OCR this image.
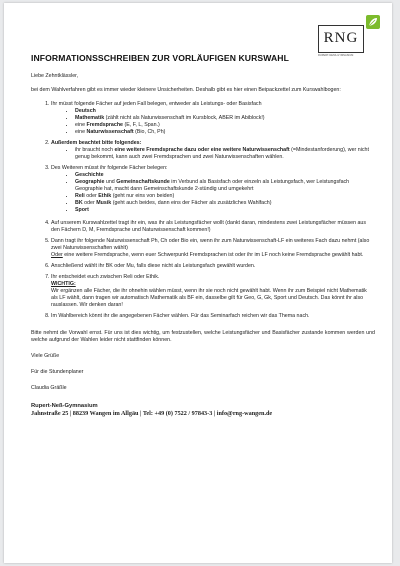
RNG
RUPERT-NESS-GYMNASIUM
INFORMATIONSSCHREIBEN ZUR VORLÄUFIGEN KURSWAHL

Liebe Zehntklässler,

bei dem Wahlverfahren gibt es immer wieder kleinere Unsicherheiten. Deshalb gibt es hier einen Beipackzettel zum Kurswahlbogen:

1. Ihr müsst folgende Fächer auf jeden Fall belegen, entweder als Leistungs- oder Basisfach
• Deutsch
• Mathematik (zählt nicht als Naturwissenschaft im Kursblock, ABER im Abiblock!)
• eine Fremdsprache (E, F, L, Span.)
• eine Naturwissenschaft (Bio, Ch, Ph)
2. Außerdem beachtet bitte folgendes:
• ihr braucht noch eine weitere Fremdsprache dazu oder eine weitere Naturwissenschaft (=Mindestanforderung), wer nicht genug bekommt, kann auch zwei Fremdsprachen und zwei Naturwissenschaften wählen.
3. Des Weiteren müsst ihr folgende Fächer belegen:
• Geschichte
• Geographie und Gemeinschaftskunde im Verbund als Basisfach oder einzeln als Leistungsfach, wer Leistungsfach Geographie hat, macht dann Gemeinschaftskunde 2-stündig und umgekehrt
• Reli oder Ethik (geht nur eins von beiden)
• BK oder Musik (geht auch beides, dann eins der Fächer als zusätzliches Wahlfach)
• Sport
4. Auf unserem Kurswahlzettel tragt ihr ein, was ihr als Leistungsfächer wollt (dankt daran, mindestens zwei Leistungsfächer müssen aus den Fächern D, M, Fremdsprache und Naturwissenschaft kommen!)
5. Dann tragt ihr folgende Naturwissenschaft Ph, Ch oder Bio ein, wenn ihr zum Naturwissenschaft-LF ein weiteres Fach dazu nehmt (also zwei Naturwissenschaften wählt)
Oder eine weitere Fremdsprache, wenn euer Schwerpunkt Fremdsprachen ist oder ihr im LF noch keine Fremdsprache gewählt habt.
6. Anschließend wählt ihr BK oder Mu, falls diese nicht als Leistungsfach gewählt wurden.
7. Ihr entscheidet euch zwischen Reli oder Ethik.
WICHTIG:
Wir ergänzen alle Fächer, die ihr ohnehin wählen müsst, wenn ihr sie noch nicht gewählt habt. Wenn ihr zum Beispiel nicht Mathematik als LF wählt, dann tragen wir automatisch Mathematik als BF ein, dasselbe gilt für Geo, G, Gk, Sport und Deutsch. Das könnt ihr also rauslassen. Wir denken daran!
8. Im Wahlbereich könnt ihr die angegebenen Fächer wählen. Für das Seminarfach reichen wir das Thema nach.

Bitte nehmt die Vorwahl ernst. Für uns ist dies wichtig, um festzustellen, welche Leistungsfächer und Basisfächer zustande kommen werden und welche aufgrund der Wahlen leider nicht stattfinden können.

Viele Grüße

Für die Stundenplaner

Claudia Gräßle

Rupert-Neß-Gymnasium
Jahnstraße 25 | 88239 Wangen im Allgäu | Tel: +49 (0) 7522 / 97843-3 | info@rng-wangen.de
